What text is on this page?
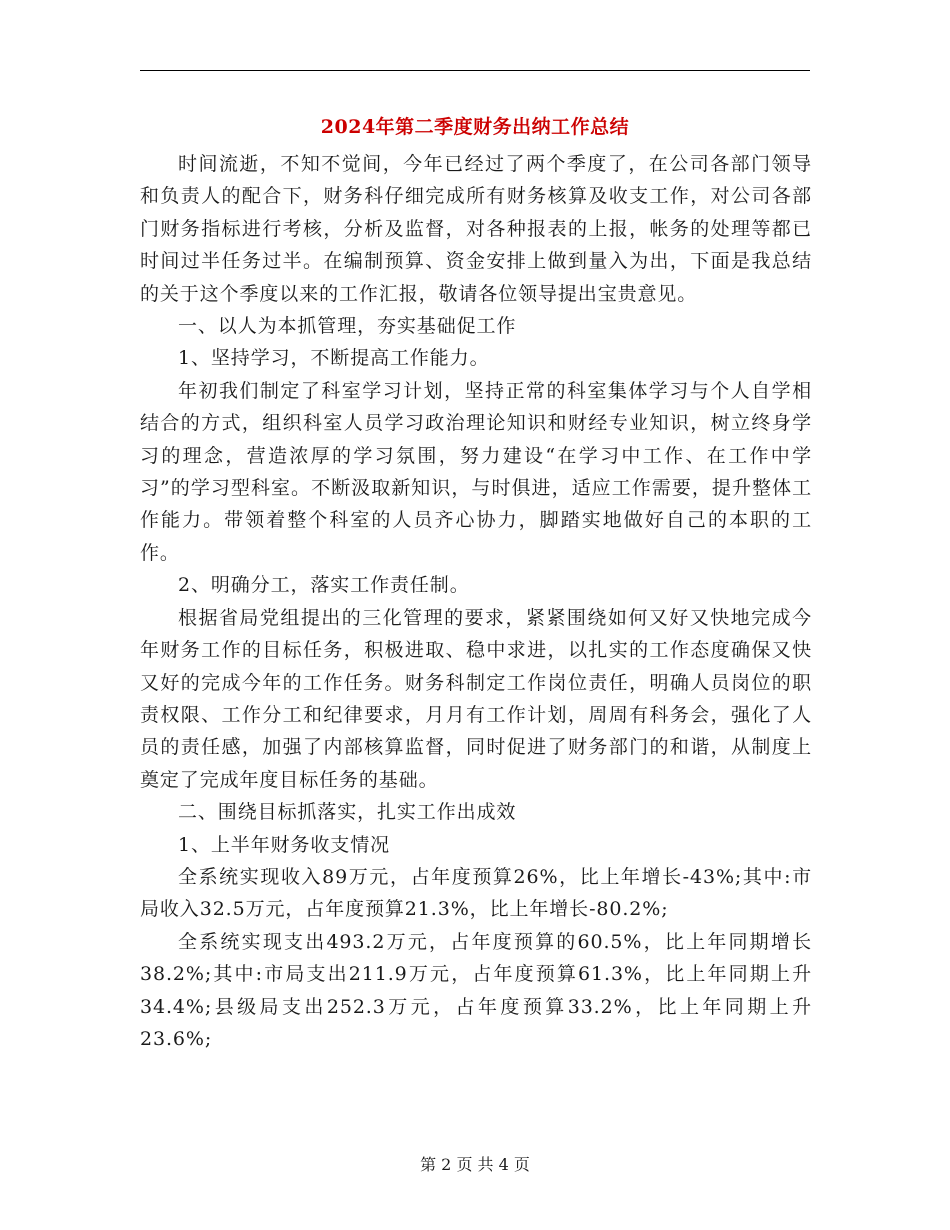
2024年第二季度财务出纳工作总结

时间流逝，不知不觉间，今年已经过了两个季度了，在公司各部门领导和负责人的配合下，财务科仔细完成所有财务核算及收支工作，对公司各部门财务指标进行考核，分析及监督，对各种报表的上报，帐务的处理等都已时间过半任务过半。在编制预算、资金安排上做到量入为出，下面是我总结的关于这个季度以来的工作汇报，敬请各位领导提出宝贵意见。

一、以人为本抓管理，夯实基础促工作

1、坚持学习，不断提高工作能力。

年初我们制定了科室学习计划，坚持正常的科室集体学习与个人自学相结合的方式，组织科室人员学习政治理论知识和财经专业知识，树立终身学习的理念，营造浓厚的学习氛围，努力建设“在学习中工作、在工作中学习”的学习型科室。不断汲取新知识，与时俱进，适应工作需要，提升整体工作能力。带领着整个科室的人员齐心协力，脚踏实地做好自己的本职的工作。

2、明确分工，落实工作责任制。

根据省局党组提出的三化管理的要求，紧紧围绕如何又好又快地完成今年财务工作的目标任务，积极进取、稳中求进，以扎实的工作态度确保又快又好的完成今年的工作任务。财务科制定工作岗位责任，明确人员岗位的职责权限、工作分工和纪律要求，月月有工作计划，周周有科务会，强化了人员的责任感，加强了内部核算监督，同时促进了财务部门的和谐，从制度上奠定了完成年度目标任务的基础。

二、围绕目标抓落实，扎实工作出成效

1、上半年财务收支情况

全系统实现收入89万元，占年度预算26%，比上年增长-43%;其中:市局收入32.5万元，占年度预算21.3%，比上年增长-80.2%;

全系统实现支出493.2万元，占年度预算的60.5%，比上年同期增长38.2%;其中:市局支出211.9万元，占年度预算61.3%，比上年同期上升34.4%;县级局支出252.3万元，占年度预算33.2%，比上年同期上升23.6%;

第 2 页 共 4 页
